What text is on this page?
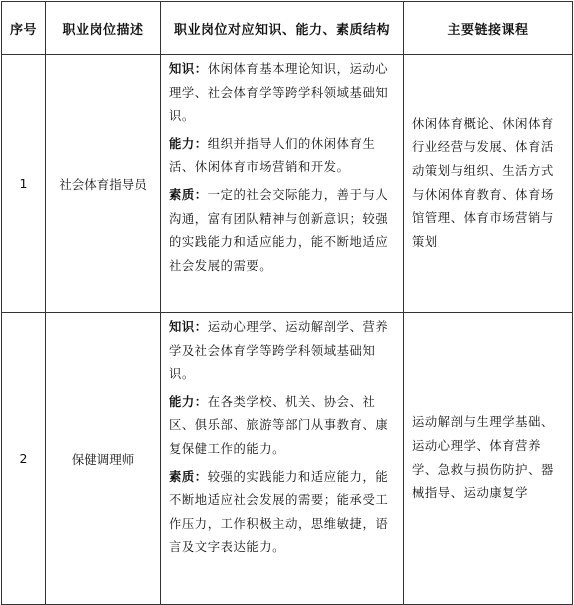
序号	职业岗位描述	职业岗位对应知识、能力、素质结构	主要链接课程
1	社会体育指导员	知识：休闲体育基本理论知识，运动心理学、社会体育学等跨学科领域基础知识。
能力：组织并指导人们的休闲体育生活、休闲体育市场营销和开发。
素质：一定的社会交际能力，善于与人沟通，富有团队精神与创新意识；较强的实践能力和适应能力，能不断地适应社会发展的需要。	休闲体育概论、休闲体育行业经营与发展、体育活动策划与组织、生活方式与休闲体育教育、体育场馆管理、体育市场营销与策划
2	保健调理师	知识：运动心理学、运动解剖学、营养学及社会体育学等跨学科领域基础知识。
能力：在各类学校、机关、协会、社区、俱乐部、旅游等部门从事教育、康复保健工作的能力。
素质：较强的实践能力和适应能力，能不断地适应社会发展的需要；能承受工作压力，工作积极主动，思维敏捷，语言及文字表达能力。	运动解剖与生理学基础、运动心理学、体育营养学、急救与损伤防护、器械指导、运动康复学
